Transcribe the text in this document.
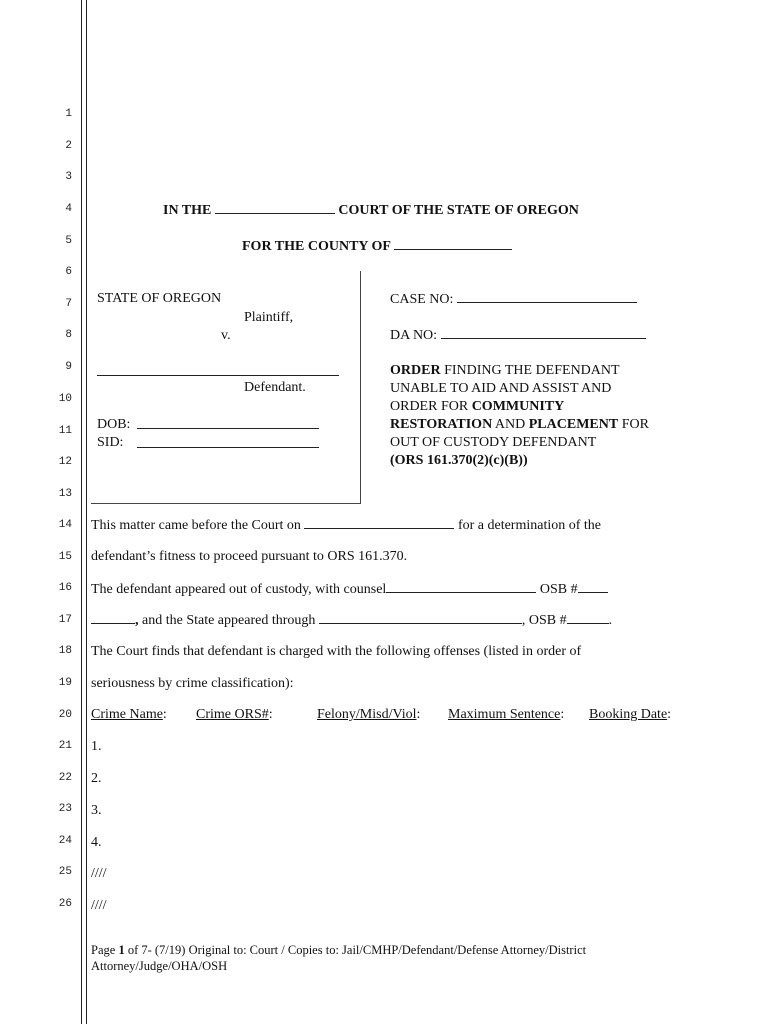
1
2
3
4
5
6
7
8
9
10
11
12
13
14
15
16
17
18
19
20
21
22
23
24
25
26
IN THE	COURT OF THE STATE OF OREGON
FOR THE COUNTY OF
STATE OF OREGON
Plaintiff,
v.
Defendant.
DOB:
SID:
CASE NO:
DA NO:
ORDER FINDING THE DEFENDANT
UNABLE TO AID AND ASSIST AND
ORDER FOR COMMUNITY
RESTORATION AND PLACEMENT FOR
OUT OF CUSTODY DEFENDANT
(ORS 161.370(2)(c)(B))
This matter came before the Court on	for a determination of the
defendant’s fitness to proceed pursuant to ORS 161.370.
The defendant appeared out of custody, with counsel	OSB #
, and the State appeared through	, OSB #	.
The Court finds that defendant is charged with the following offenses (listed in order of
seriousness by crime classification):
Crime Name: Crime ORS#:	Felony/Misd/Viol: Maximum Sentence: Booking Date:
1.
2.
3.
4.
////
////
Page 1 of 7- (7/19) Original to: Court / Copies to: Jail/CMHP/Defendant/Defense Attorney/District Attorney/Judge/OHA/OSH
